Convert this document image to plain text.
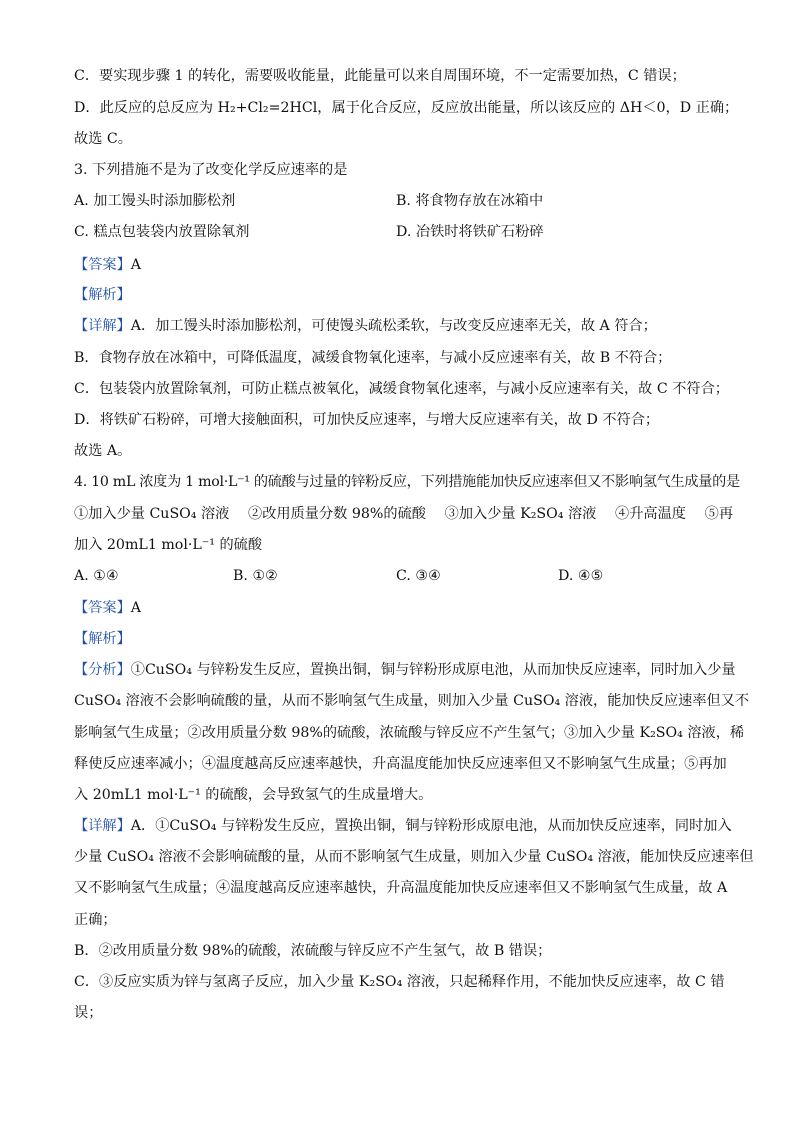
C．要实现步骤 1 的转化，需要吸收能量，此能量可以来自周围环境，不一定需要加热，C 错误；
D．此反应的总反应为 H₂+Cl₂=2HCl，属于化合反应，反应放出能量，所以该反应的 ΔH＜0，D 正确；
故选 C。
3. 下列措施不是为了改变化学反应速率的是
A. 加工馒头时添加膨松剂	B. 将食物存放在冰箱中
C. 糕点包装袋内放置除氧剂	D. 冶铁时将铁矿石粉碎
【答案】A
【解析】
【详解】A．加工馒头时添加膨松剂，可使馒头疏松柔软，与改变反应速率无关，故 A 符合；
B．食物存放在冰箱中，可降低温度，减缓食物氧化速率，与减小反应速率有关，故 B 不符合；
C．包装袋内放置除氧剂，可防止糕点被氧化，减缓食物氧化速率，与减小反应速率有关，故 C 不符合；
D．将铁矿石粉碎，可增大接触面积，可加快反应速率，与增大反应速率有关，故 D 不符合；
故选 A。
4. 10 mL 浓度为 1 mol·L⁻¹ 的硫酸与过量的锌粉反应，下列措施能加快反应速率但又不影响氢气生成量的是
①加入少量 CuSO₄ 溶液　 ②改用质量分数 98%的硫酸　 ③加入少量 K₂SO₄ 溶液　 ④升高温度　 ⑤再
加入 20mL1 mol·L⁻¹ 的硫酸
A. ①④	B. ①②	C. ③④	D. ④⑤
【答案】A
【解析】
【分析】①CuSO₄ 与锌粉发生反应，置换出铜，铜与锌粉形成原电池，从而加快反应速率，同时加入少量
CuSO₄ 溶液不会影响硫酸的量，从而不影响氢气生成量，则加入少量 CuSO₄ 溶液，能加快反应速率但又不
影响氢气生成量；②改用质量分数 98%的硫酸，浓硫酸与锌反应不产生氢气；③加入少量 K₂SO₄ 溶液，稀
释使反应速率减小；④温度越高反应速率越快，升高温度能加快反应速率但又不影响氢气生成量；⑤再加
入 20mL1 mol·L⁻¹ 的硫酸，会导致氢气的生成量增大。
【详解】A．①CuSO₄ 与锌粉发生反应，置换出铜，铜与锌粉形成原电池，从而加快反应速率，同时加入
少量 CuSO₄ 溶液不会影响硫酸的量，从而不影响氢气生成量，则加入少量 CuSO₄ 溶液，能加快反应速率但
又不影响氢气生成量；④温度越高反应速率越快，升高温度能加快反应速率但又不影响氢气生成量，故 A
正确；
B．②改用质量分数 98%的硫酸，浓硫酸与锌反应不产生氢气，故 B 错误；
C．③反应实质为锌与氢离子反应，加入少量 K₂SO₄ 溶液，只起稀释作用，不能加快反应速率，故 C 错
误；
